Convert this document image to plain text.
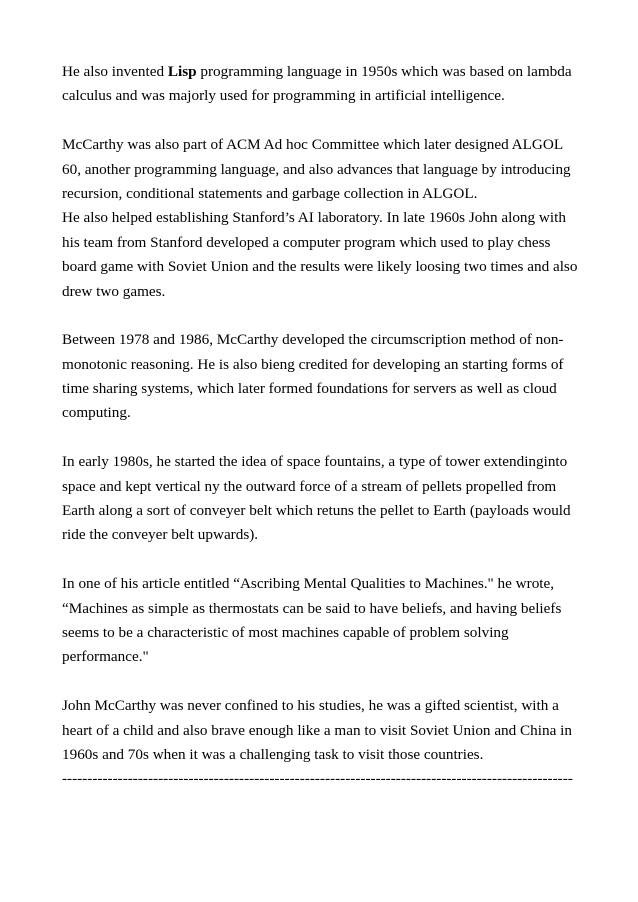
He also invented Lisp programming language in 1950s which was based on lambda
calculus and was majorly used for programming in artificial intelligence.
McCarthy was also part of ACM Ad hoc Committee which later designed ALGOL
60, another programming language, and also advances that language by introducing
recursion, conditional statements and garbage collection in ALGOL.
He also helped establishing Stanford’s AI laboratory. In late 1960s John along with
his team from Stanford developed a computer program which used to play chess
board game with Soviet Union and the results were likely loosing two times and also
drew two games.
Between 1978 and 1986, McCarthy developed the circumscription method of non-
monotonic reasoning. He is also bieng credited for developing an starting forms of
time sharing systems, which later formed foundations for servers as well as cloud
computing.
In early 1980s, he started the idea of space fountains, a type of tower extendinginto
space and kept vertical ny the outward force of a stream of pellets propelled from
Earth along a sort of conveyer belt which retuns the pellet to Earth (payloads would
ride the conveyer belt upwards).
In one of his article entitled “Ascribing Mental Qualities to Machines." he wrote,
“Machines as simple as thermostats can be said to have beliefs, and having beliefs
seems to be a characteristic of most machines capable of problem solving
performance."
John McCarthy was never confined to his studies, he was a gifted scientist, with a
heart of a child and also brave enough like a man to visit Soviet Union and China in
1960s and 70s when it was a challenging task to visit those countries.
-----------------------------------------------------------------------------------------------------
